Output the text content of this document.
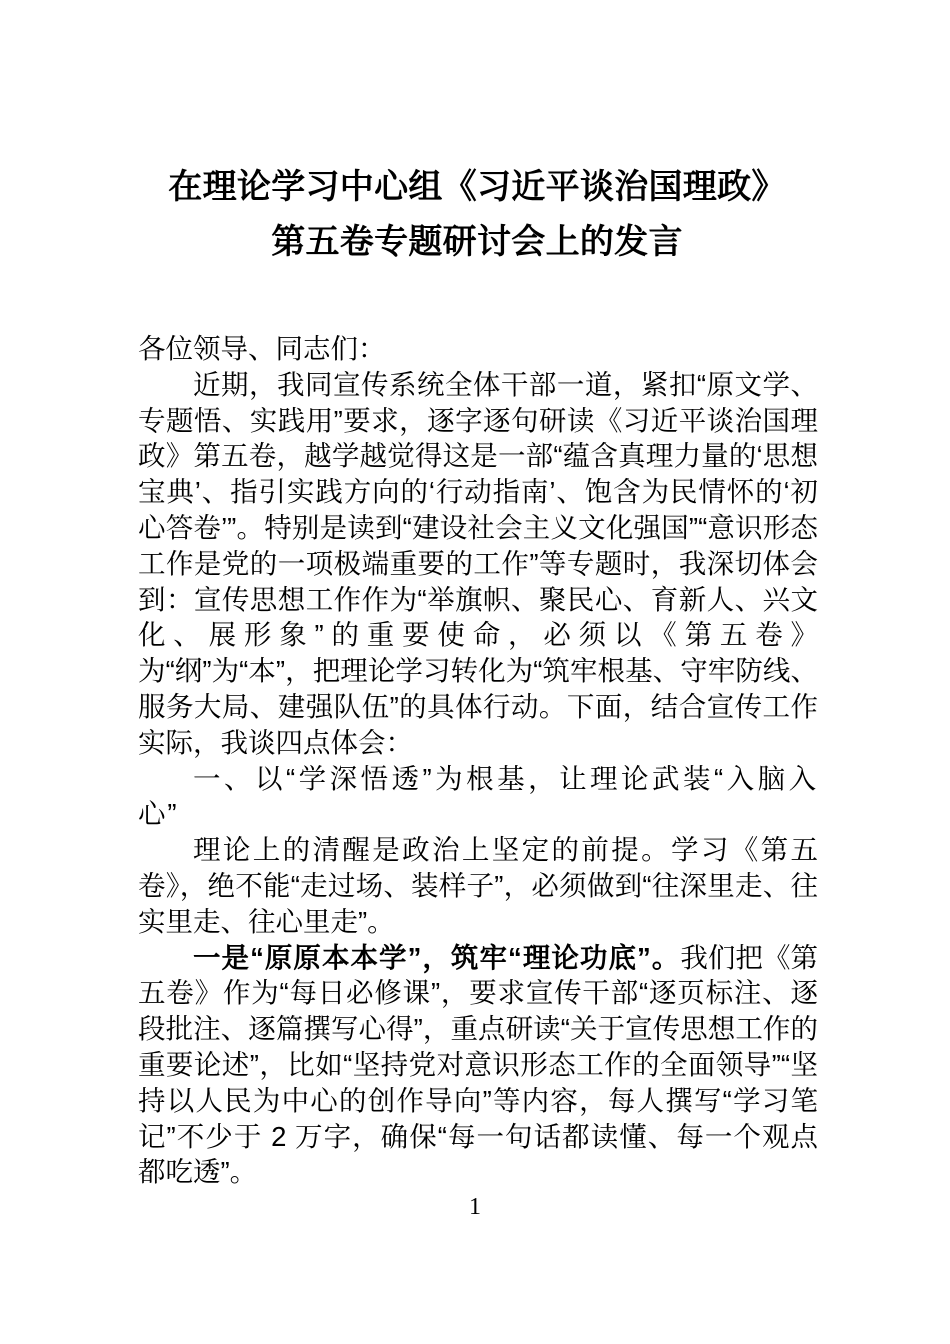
在理论学习中心组《习近平谈治国理政》
第五卷专题研讨会上的发言

各位领导、同志们：

近期，我同宣传系统全体干部一道，紧扣“原文学、专题悟、实践用”要求，逐字逐句研读《习近平谈治国理政》第五卷，越学越觉得这是一部“蕴含真理力量的‘思想宝典’、指引实践方向的‘行动指南’、饱含为民情怀的‘初心答卷’”。特别是读到“建设社会主义文化强国”“意识形态工作是党的一项极端重要的工作”等专题时，我深切体会到：宣传思想工作作为“举旗帜、聚民心、育新人、兴文化、展形象”的重要使命，必须以《第五卷》为“纲”为“本”，把理论学习转化为“筑牢根基、守牢防线、服务大局、建强队伍”的具体行动。下面，结合宣传工作实际，我谈四点体会：

一、以“学深悟透”为根基，让理论武装“入脑入心”

理论上的清醒是政治上坚定的前提。学习《第五卷》，绝不能“走过场、装样子”，必须做到“往深里走、往实里走、往心里走”。

一是“原原本本学”，筑牢“理论功底”。我们把《第五卷》作为“每日必修课”，要求宣传干部“逐页标注、逐段批注、逐篇撰写心得”，重点研读“关于宣传思想工作的重要论述”，比如“坚持党对意识形态工作的全面领导”“坚持以人民为中心的创作导向”等内容，每人撰写“学习笔记”不少于 2 万字，确保“每一句话都读懂、每一个观点都吃透”。

1
